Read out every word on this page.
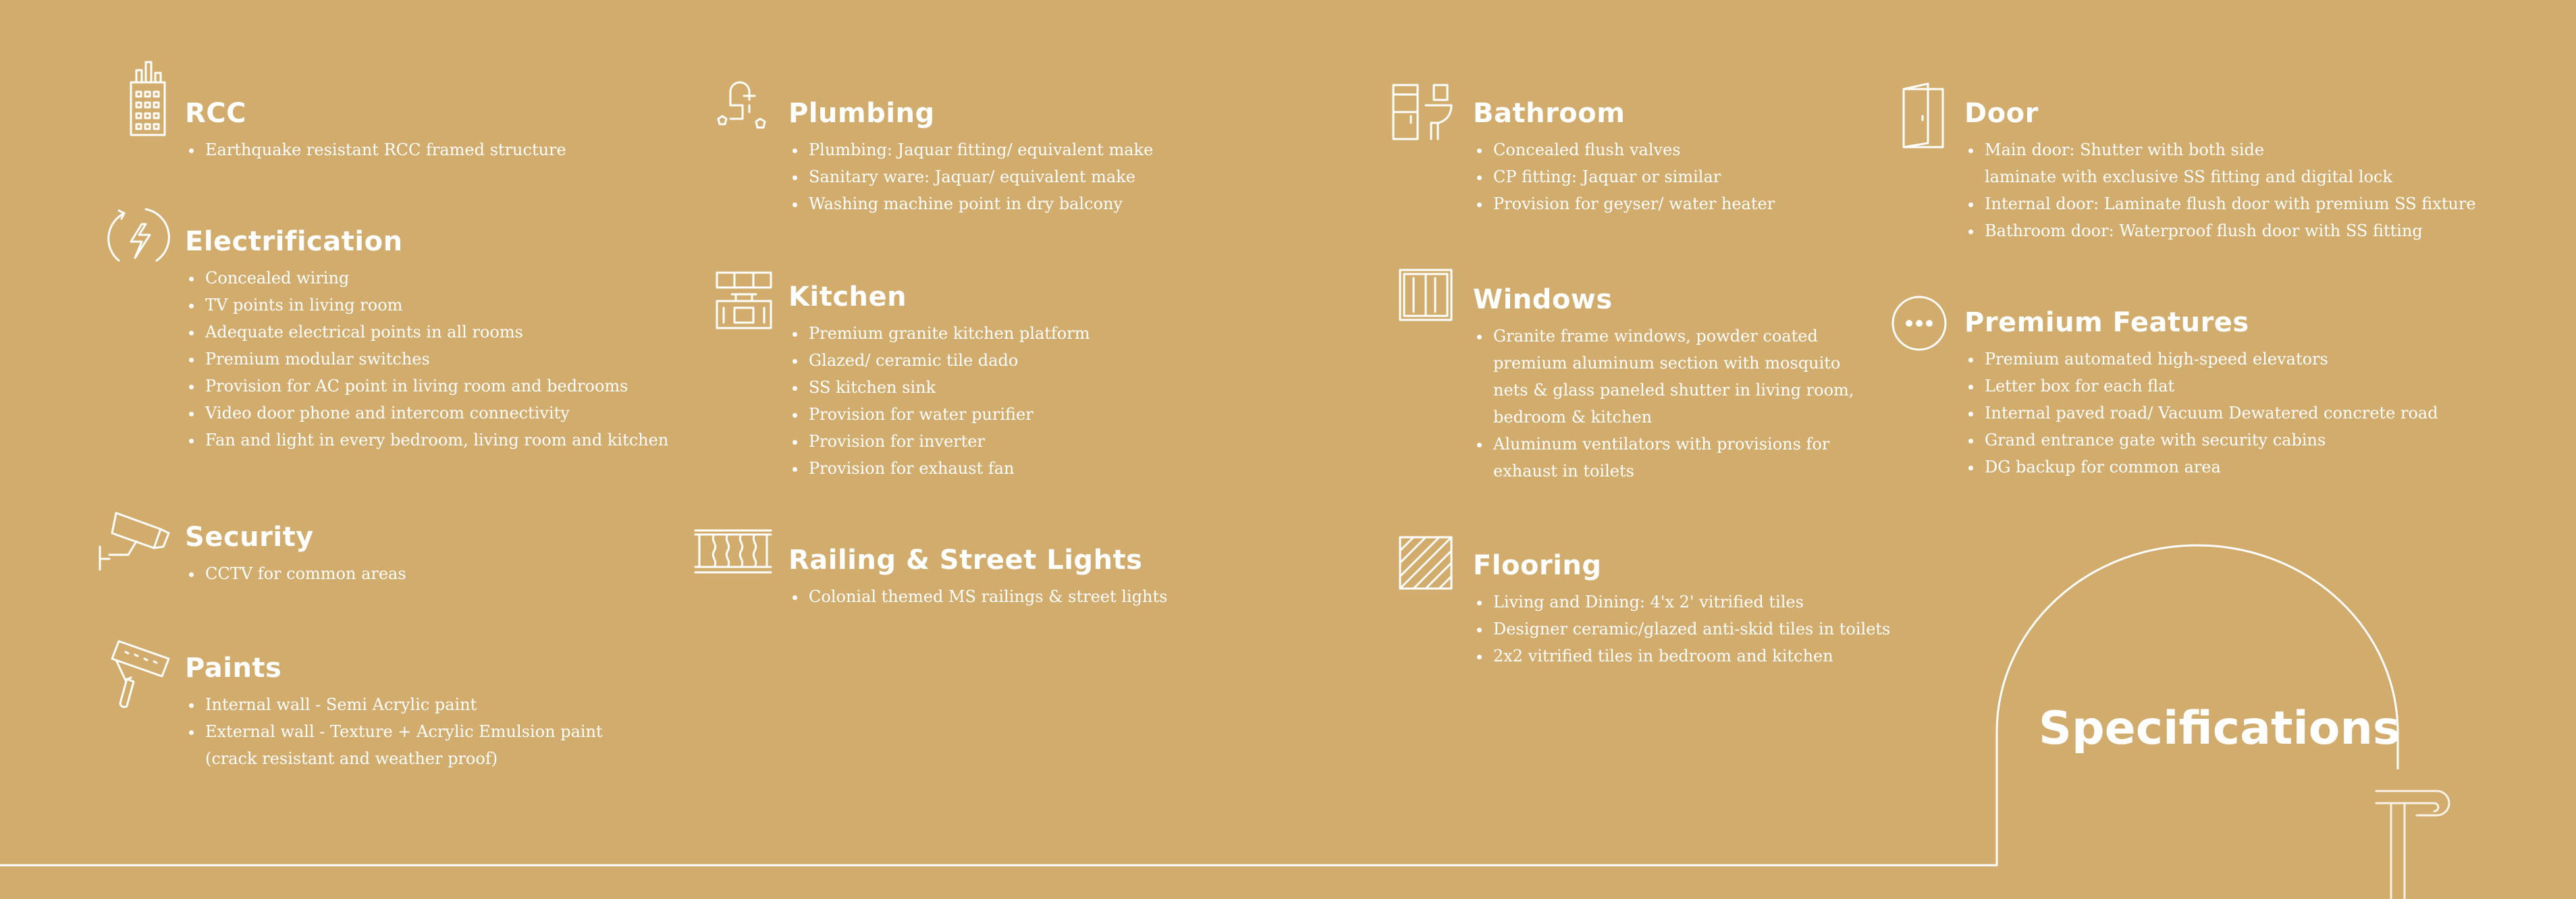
Specifications
RCC
Earthquake resistant RCC framed structure
Electrification
Concealed wiring
TV points in living room
Adequate electrical points in all rooms
Premium modular switches
Provision for AC point in living room and bedrooms
Video door phone and intercom connectivity
Fan and light in every bedroom, living room and kitchen
Security
CCTV for common areas
Paints
Internal wall - Semi Acrylic paint
External wall - Texture + Acrylic Emulsion paint
(crack resistant and weather proof)
Plumbing
Plumbing: Jaquar fitting/ equivalent make
Sanitary ware: Jaquar/ equivalent make
Washing machine point in dry balcony
Kitchen
Premium granite kitchen platform
Glazed/ ceramic tile dado
SS kitchen sink
Provision for water purifier
Provision for inverter
Provision for exhaust fan
Railing & Street Lights
Colonial themed MS railings & street lights
Bathroom
Concealed flush valves
CP fitting: Jaquar or similar
Provision for geyser/ water heater
Windows
Granite frame windows, powder coated
premium aluminum section with mosquito
nets & glass paneled shutter in living room,
bedroom & kitchen
Aluminum ventilators with provisions for
exhaust in toilets
Flooring
Living and Dining: 4'x 2' vitrified tiles
Designer ceramic/glazed anti-skid tiles in toilets
2x2 vitrified tiles in bedroom and kitchen
Door
Main door: Shutter with both side
laminate with exclusive SS fitting and digital lock
Internal door: Laminate flush door with premium SS fixture
Bathroom door: Waterproof flush door with SS fitting
Premium Features
Premium automated high-speed elevators
Letter box for each flat
Internal paved road/ Vacuum Dewatered concrete road
Grand entrance gate with security cabins
DG backup for common area
